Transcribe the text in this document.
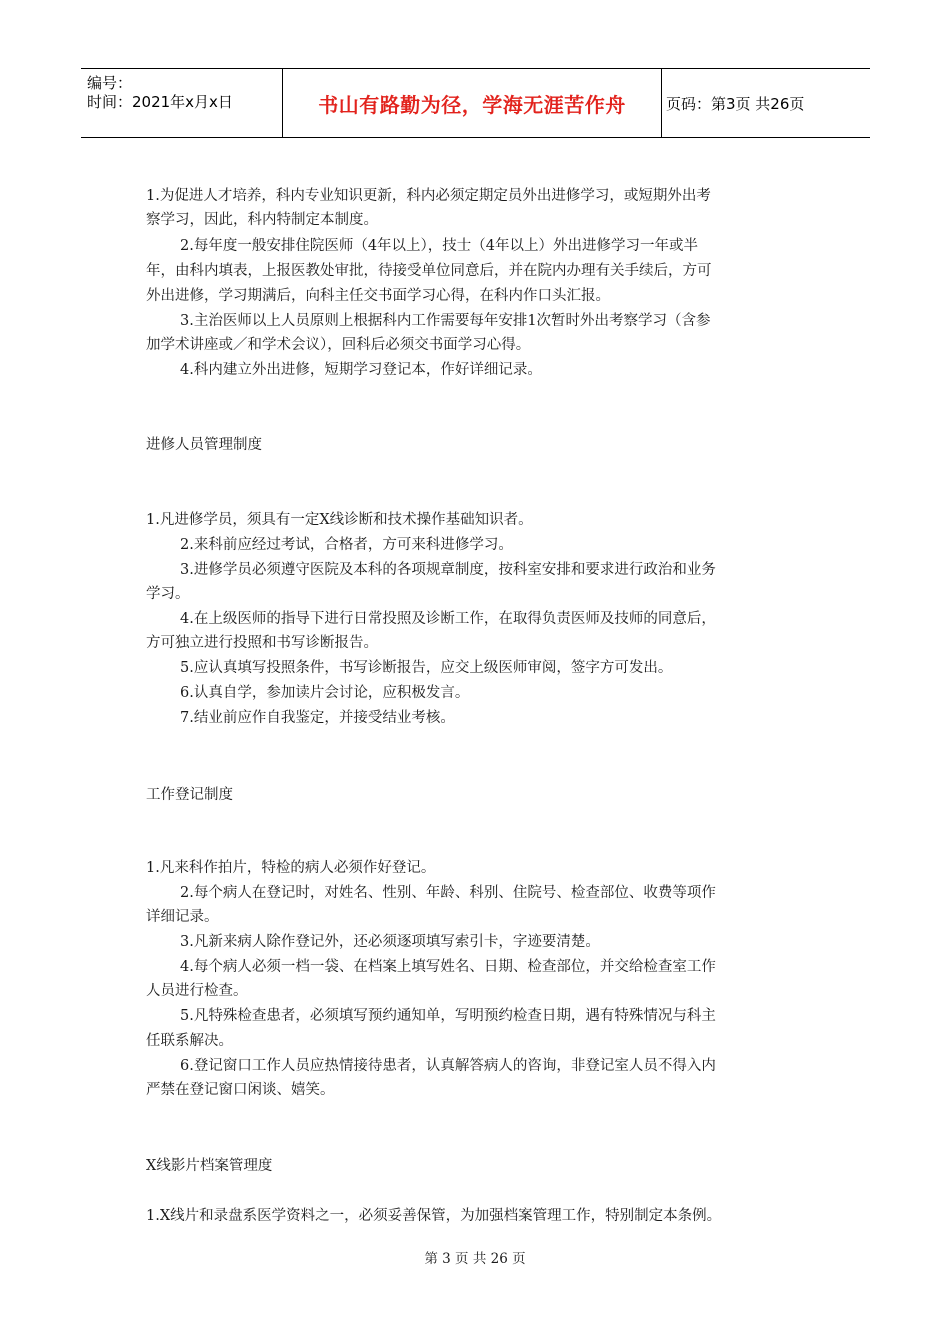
编号：
时间：2021年x月x日	书山有路勤为径，学海无涯苦作舟	页码：第3页 共26页
1.为促进人才培养，科内专业知识更新，科内必须定期定员外出进修学习，或短期外出考
察学习，因此，科内特制定本制度。
2.每年度一般安排住院医师（4年以上），技士（4年以上）外出进修学习一年或半
年，由科内填表，上报医教处审批，待接受单位同意后，并在院内办理有关手续后，方可
外出进修，学习期满后，向科主任交书面学习心得，在科内作口头汇报。
3.主治医师以上人员原则上根据科内工作需要每年安排1次暂时外出考察学习（含参
加学术讲座或／和学术会议），回科后必须交书面学习心得。
4.科内建立外出进修，短期学习登记本，作好详细记录。
进修人员管理制度
1.凡进修学员，须具有一定X线诊断和技术操作基础知识者。
2.来科前应经过考试，合格者，方可来科进修学习。
3.进修学员必须遵守医院及本科的各项规章制度，按科室安排和要求进行政治和业务
学习。
4.在上级医师的指导下进行日常投照及诊断工作，在取得负责医师及技师的同意后，
方可独立进行投照和书写诊断报告。
5.应认真填写投照条件，书写诊断报告，应交上级医师审阅，签字方可发出。
6.认真自学，参加读片会讨论，应积极发言。
7.结业前应作自我鉴定，并接受结业考核。
工作登记制度
1.凡来科作拍片，特检的病人必须作好登记。
2.每个病人在登记时，对姓名、性别、年龄、科别、住院号、检查部位、收费等项作
详细记录。
3.凡新来病人除作登记外，还必须逐项填写索引卡，字迹要清楚。
4.每个病人必须一档一袋、在档案上填写姓名、日期、检查部位，并交给检查室工作
人员进行检查。
5.凡特殊检查患者，必须填写预约通知单，写明预约检查日期，遇有特殊情况与科主
任联系解决。
6.登记窗口工作人员应热情接待患者，认真解答病人的咨询，非登记室人员不得入内
严禁在登记窗口闲谈、嬉笑。
X线影片档案管理度
1.X线片和录盘系医学资料之一，必须妥善保管，为加强档案管理工作，特别制定本条例。
第 3 页 共 26 页
